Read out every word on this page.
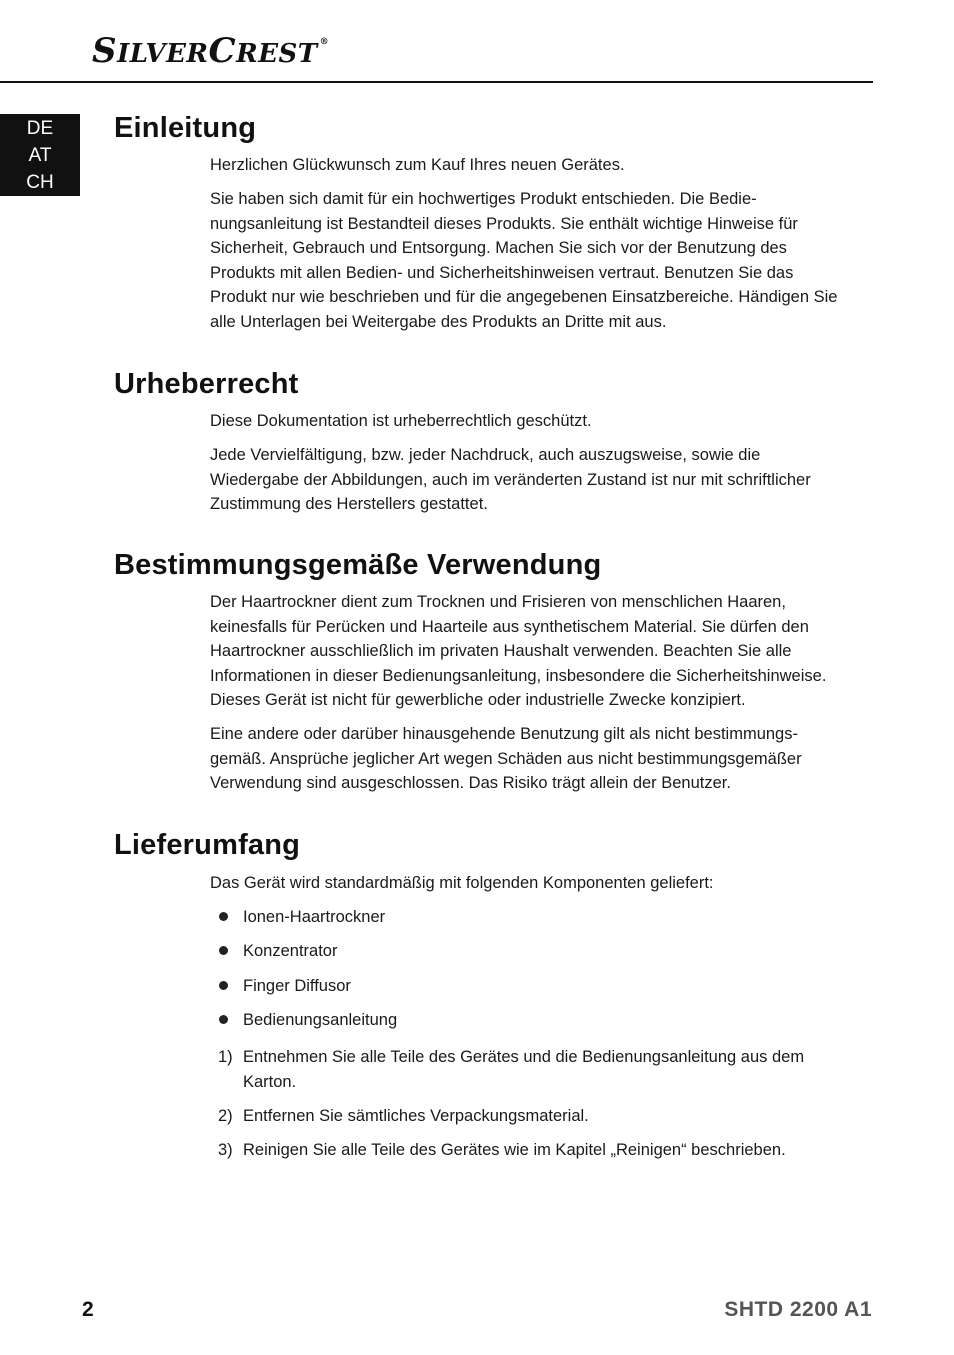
SILVERCREST ®
DE
AT
CH
Einleitung

Herzlichen Glückwunsch zum Kauf Ihres neuen Gerätes.

Sie haben sich damit für ein hochwertiges Produkt entschieden. Die Bedienungsanleitung ist Bestandteil dieses Produkts. Sie enthält wichtige Hinweise für Sicherheit, Gebrauch und Entsorgung. Machen Sie sich vor der Benutzung des Produkts mit allen Bedien- und Sicherheitshinweisen vertraut. Benutzen Sie das Produkt nur wie beschrieben und für die angegebenen Einsatzbereiche. Händigen Sie alle Unterlagen bei Weitergabe des Produkts an Dritte mit aus.

Urheberrecht

Diese Dokumentation ist urheberrechtlich geschützt.

Jede Vervielfältigung, bzw. jeder Nachdruck, auch auszugsweise, sowie die Wiedergabe der Abbildungen, auch im veränderten Zustand ist nur mit schriftlicher Zustimmung des Herstellers gestattet.

Bestimmungsgemäße Verwendung

Der Haartrockner dient zum Trocknen und Frisieren von menschlichen Haaren, keinesfalls für Perücken und Haarteile aus synthetischem Material. Sie dürfen den Haartrockner ausschließlich im privaten Haushalt verwenden. Beachten Sie alle Informationen in dieser Bedienungsanleitung, insbesondere die Sicherheitshinweise. Dieses Gerät ist nicht für gewerbliche oder industrielle Zwecke konzipiert.

Eine andere oder darüber hinausgehende Benutzung gilt als nicht bestimmungsgemäß. Ansprüche jeglicher Art wegen Schäden aus nicht bestimmungsgemäßer Verwendung sind ausgeschlossen. Das Risiko trägt allein der Benutzer.

Lieferumfang

Das Gerät wird standardmäßig mit folgenden Komponenten geliefert:

Ionen-Haartrockner
Konzentrator
Finger Diffusor
Bedienungsanleitung
1) Entnehmen Sie alle Teile des Gerätes und die Bedienungsanleitung aus dem Karton.
2) Entfernen Sie sämtliches Verpackungsmaterial.
3) Reinigen Sie alle Teile des Gerätes wie im Kapitel „Reinigen“ beschrieben.
2	SHTD 2200 A1
